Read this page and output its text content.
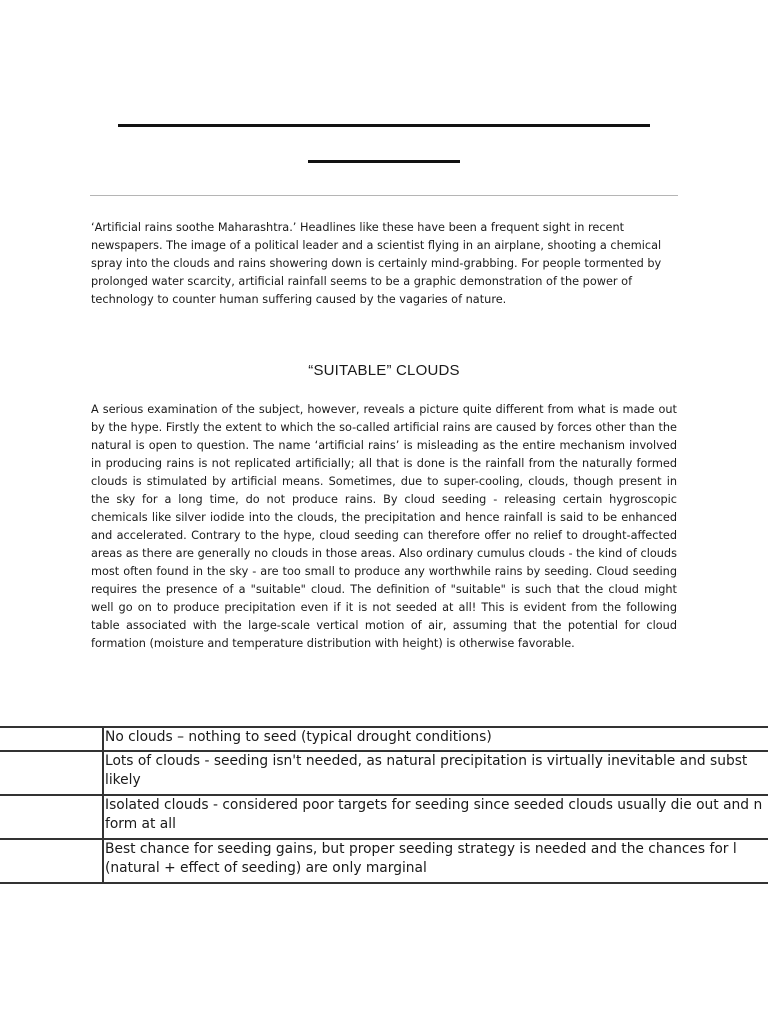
‘Artificial rains soothe Maharashtra.’ Headlines like these have been a frequent sight in recent newspapers. The image of a political leader and a scientist flying in an airplane, shooting a chemical spray into the clouds and rains showering down is certainly mind-grabbing. For people tormented by prolonged water scarcity, artificial rainfall seems to be a graphic demonstration of the power of technology to counter human suffering caused by the vagaries of nature.

“SUITABLE” CLOUDS

A serious examination of the subject, however, reveals a picture quite different from what is made out by the hype. Firstly the extent to which the so-called artificial rains are caused by forces other than the natural is open to question. The name ‘artificial rains’ is misleading as the entire mechanism involved in producing rains is not replicated artificially; all that is done is the rainfall from the naturally formed clouds is stimulated by artificial means. Sometimes, due to super-cooling, clouds, though present in the sky for a long time, do not produce rains. By cloud seeding - releasing certain hygroscopic chemicals like silver iodide into the clouds, the precipitation and hence rainfall is said to be enhanced and accelerated. Contrary to the hype, cloud seeding can therefore offer no relief to drought-affected areas as there are generally no clouds in those areas. Also ordinary cumulus clouds - the kind of clouds most often found in the sky - are too small to produce any worthwhile rains by seeding. Cloud seeding requires the presence of a "suitable" cloud. The definition of "suitable" is such that the cloud might well go on to produce precipitation even if it is not seeded at all! This is evident from the following table associated with the large-scale vertical motion of air, assuming that the potential for cloud formation (moisture and temperature distribution with height) is otherwise favorable.

	No clouds – nothing to seed (typical drought conditions)

	Lots of clouds - seeding isn't needed, as natural precipitation is virtually inevitable and subst
likely

	Isolated clouds - considered poor targets for seeding since seeded clouds usually die out and n
form at all

	Best chance for seeding gains, but proper seeding strategy is needed and the chances for l
(natural + effect of seeding) are only marginal
